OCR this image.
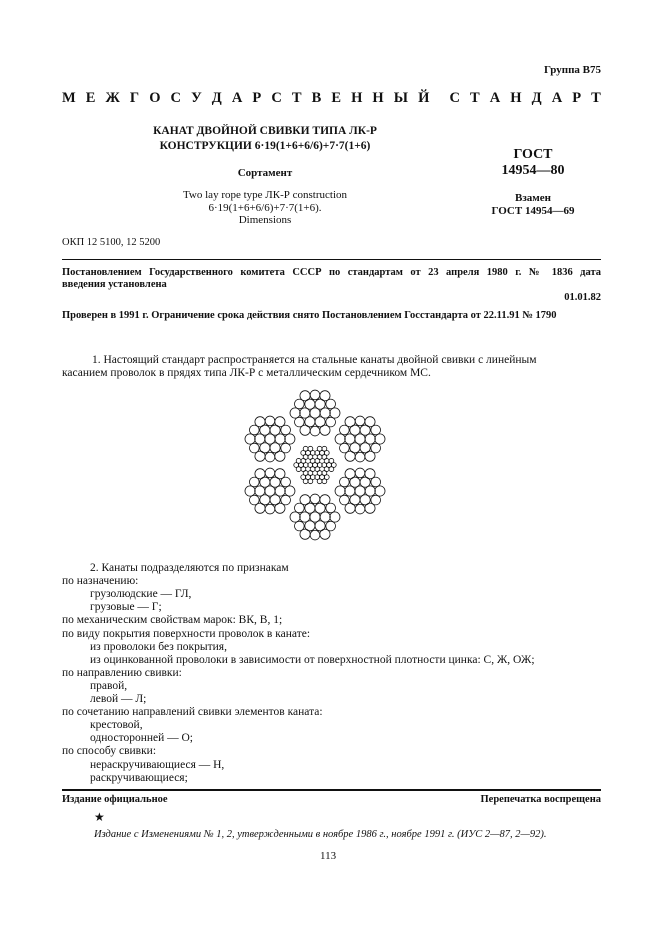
Группа В75
М Е Ж Г О С У Д А Р С Т В Е Н Н Ы Й С Т А Н Д А Р Т
КАНАТ ДВОЙНОЙ СВИВКИ ТИПА ЛК-Р
КОНСТРУКЦИИ 6·19(1+6+6/6)+7·7(1+6)
Сортамент
Two lay rope type ЛК-Р construction
6·19(1+6+6/6)+7·7(1+6).
Dimensions
ГОСТ
14954—80
Взамен
ГОСТ 14954—69
ОКП 12 5100, 12 5200
Постановлением Государственного комитета СССР по стандартам от 23 апреля 1980 г. № 1836 дата
введения установлена
01.01.82
Проверен в 1991 г. Ограничение срока действия снято Постановлением Госстандарта от 22.11.91 № 1790
1. Настоящий стандарт распространяется на стальные канаты двойной свивки с линейным
касанием проволок в прядях типа ЛК-Р с металлическим сердечником МС.
2. Канаты подразделяются по признакам
по назначению:
грузолюдские — ГЛ,
грузовые — Г;
по механическим свойствам марок: ВК, В, 1;
по виду покрытия поверхности проволок в канате:
из проволоки без покрытия,
из оцинкованной проволоки в зависимости от поверхностной плотности цинка: С, Ж, ОЖ;
по направлению свивки:
правой,
левой — Л;
по сочетанию направлений свивки элементов каната:
крестовой,
односторонней — О;
по способу свивки:
нераскручивающиеся — Н,
раскручивающиеся;
Издание официальное	Перепечатка воспрещена
★
Издание с Изменениями № 1, 2, утвержденными в ноябре 1986 г., ноябре 1991 г. (ИУС 2—87, 2—92).
113
